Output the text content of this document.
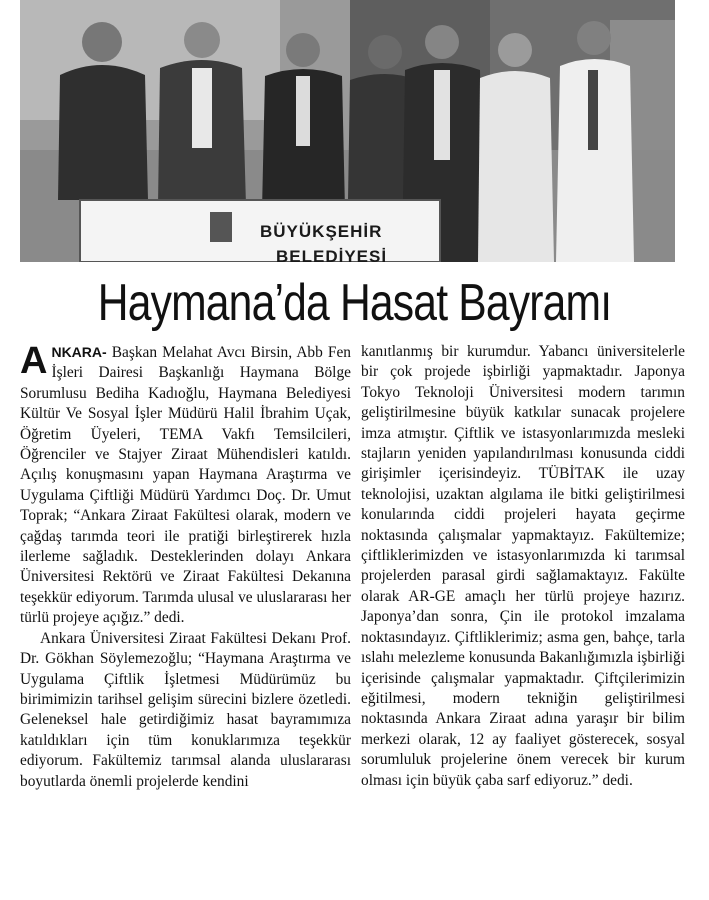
BÜYÜKŞEHİR
BELEDİYESİ
Haymana’da Hasat Bayramı

ANKARA- Başkan Melahat Avcı Birsin, Abb Fen İşleri Dairesi Başkanlığı Haymana Bölge Sorumlusu Bediha Kadıoğlu, Haymana Belediyesi Kültür Ve Sosyal İşler Müdürü Halil İbrahim Uçak, Öğretim Üyeleri, TEMA Vakfı Temsilcileri, Öğrenciler ve Stajyer Ziraat Mühendisleri katıldı. Açılış konuşmasını yapan Haymana Araştırma ve Uygulama Çiftliği Müdürü Yardımcı Doç. Dr. Umut Toprak; “Ankara Ziraat Fakültesi olarak, modern ve çağdaş tarımda teori ile pratiği birleştirerek hızla ilerleme sağladık. Desteklerinden dolayı Ankara Üniversitesi Rektörü ve Ziraat Fakültesi Dekanına teşekkür ediyorum. Tarımda ulusal ve uluslararası her türlü projeye açığız.” dedi.

Ankara Üniversitesi Ziraat Fakültesi Dekanı Prof. Dr. Gökhan Söylemezoğlu; “Haymana Araştırma ve Uygulama Çiftlik İşletmesi Müdürümüz bu birimimizin tarihsel gelişim sürecini bizlere özetledi. Geleneksel hale getirdiğimiz hasat bayramımıza katıldıkları için tüm konuklarımıza teşekkür ediyorum. Fakültemiz tarımsal alanda uluslararası boyutlarda önemli projelerde kendini

kanıtlanmış bir kurumdur. Yabancı üniversitelerle bir çok projede işbirliği yapmaktadır. Japonya Tokyo Teknoloji Üniversitesi modern tarımın geliştirilmesine büyük katkılar sunacak projelere imza atmıştır. Çiftlik ve istasyonlarımızda mesleki stajların yeniden yapılandırılması konusunda ciddi girişimler içerisindeyiz. TÜBİTAK ile uzay teknolojisi, uzaktan algılama ile bitki geliştirilmesi konularında ciddi projeleri hayata geçirme noktasında çalışmalar yapmaktayız. Fakültemize; çiftliklerimizden ve istasyonlarımızda ki tarımsal projelerden parasal girdi sağlamaktayız. Fakülte olarak AR-GE amaçlı her türlü projeye hazırız. Japonya’dan sonra, Çin ile protokol imzalama noktasındayız. Çiftliklerimiz; asma gen, bahçe, tarla ıslahı melezleme konusunda Bakanlığımızla işbirliği içerisinde çalışmalar yapmaktadır. Çiftçilerimizin eğitilmesi, modern tekniğin geliştirilmesi noktasında Ankara Ziraat adına yaraşır bir bilim merkezi olarak, 12 ay faaliyet gösterecek, sosyal sorumluluk projelerine önem verecek bir kurum olması için büyük çaba sarf ediyoruz.” dedi.
